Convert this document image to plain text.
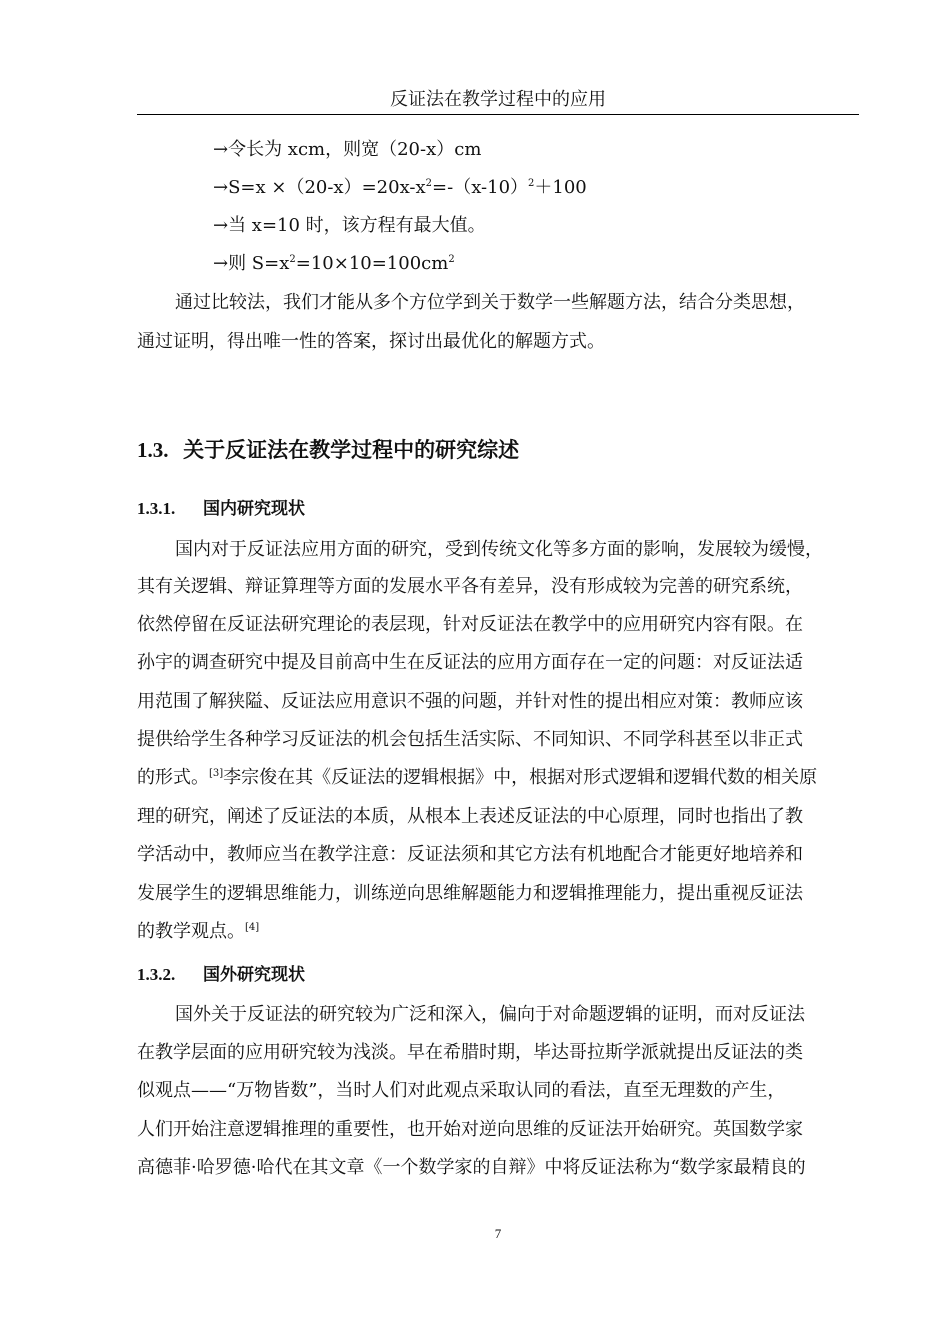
反证法在教学过程中的应用
→令长为 xcm，则宽（20-x）cm
$\to S=x \times(20-x)=20x-x^2=-(x-10)^2+100$
→当 x=10 时，该方程有最大值。
→则 $S=x^2=10\times 10=100cm^2$
通过比较法，我们才能从多个方位学到关于数学一些解题方法，结合分类思想，
通过证明，得出唯一性的答案，探讨出最优化的解题方式。
1.3. 关于反证法在教学过程中的研究综述
1.3.1. 国内研究现状
国内对于反证法应用方面的研究，受到传统文化等多方面的影响，发展较为缓慢，
其有关逻辑、辩证算理等方面的发展水平各有差异，没有形成较为完善的研究系统，
依然停留在反证法研究理论的表层现，针对反证法在教学中的应用研究内容有限。在
孙宇的调查研究中提及目前高中生在反证法的应用方面存在一定的问题：对反证法适
用范围了解狭隘、反证法应用意识不强的问题，并针对性的提出相应对策：教师应该
提供给学生各种学习反证法的机会包括生活实际、不同知识、不同学科甚至以非正式
的形式。[3]李宗俊在其《反证法的逻辑根据》中，根据对形式逻辑和逻辑代数的相关原
理的研究，阐述了反证法的本质，从根本上表述反证法的中心原理，同时也指出了教
学活动中，教师应当在教学注意：反证法须和其它方法有机地配合才能更好地培养和
发展学生的逻辑思维能力，训练逆向思维解题能力和逻辑推理能力，提出重视反证法
的教学观点。[4]
1.3.2. 国外研究现状
国外关于反证法的研究较为广泛和深入，偏向于对命题逻辑的证明，而对反证法
在教学层面的应用研究较为浅淡。早在希腊时期，毕达哥拉斯学派就提出反证法的类
似观点——“万物皆数”，当时人们对此观点采取认同的看法，直至无理数的产生，
人们开始注意逻辑推理的重要性，也开始对逆向思维的反证法开始研究。英国数学家
高德菲·哈罗德·哈代在其文章《一个数学家的自辩》中将反证法称为“数学家最精良的
7
